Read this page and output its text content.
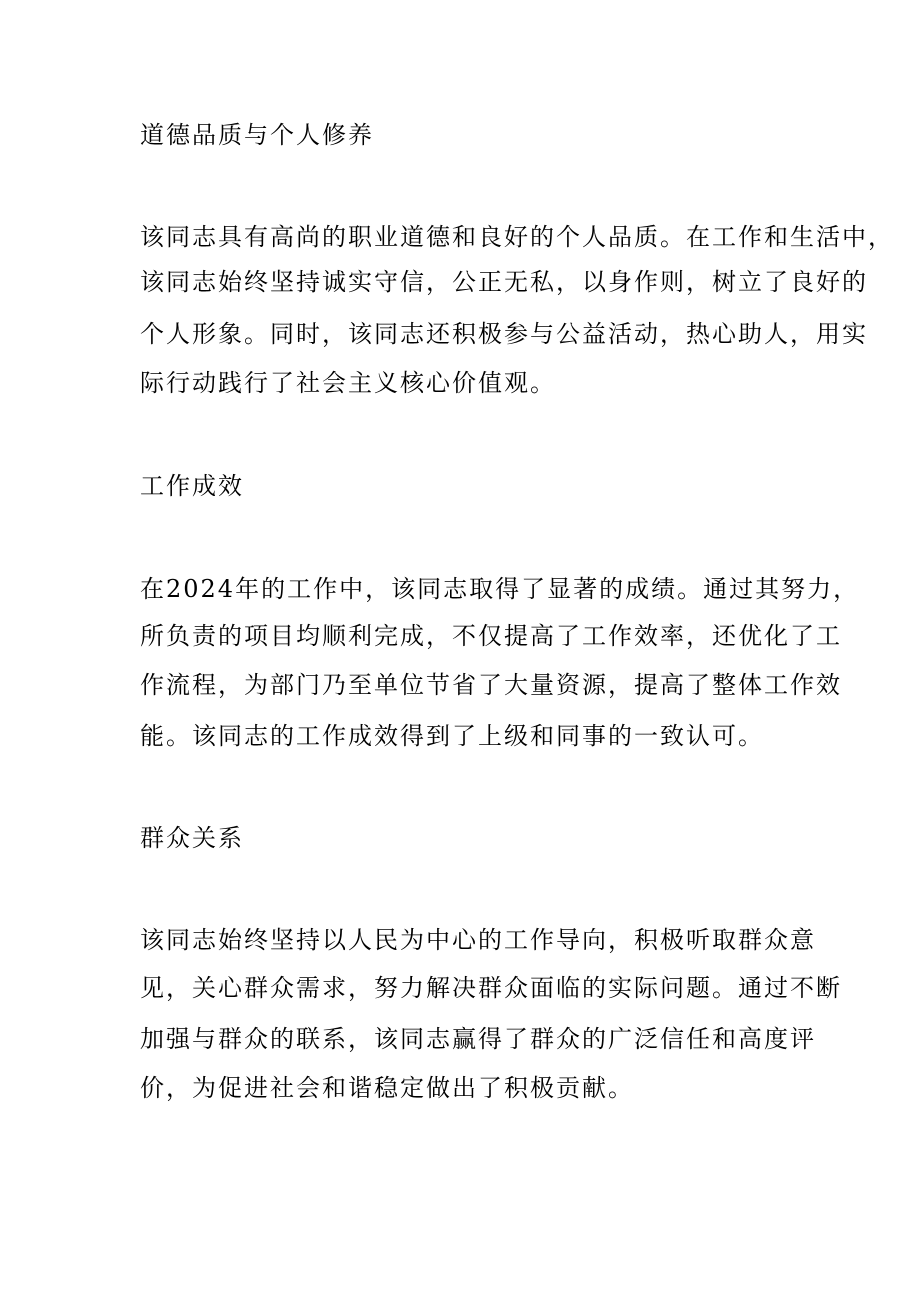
道德品质与个人修养
该同志具有高尚的职业道德和良好的个人品质。在工作和生活中，
该同志始终坚持诚实守信，公正无私，以身作则，树立了良好的
个人形象。同时，该同志还积极参与公益活动，热心助人，用实
际行动践行了社会主义核心价值观。
工作成效
在2024年的工作中，该同志取得了显著的成绩。通过其努力，
所负责的项目均顺利完成，不仅提高了工作效率，还优化了工
作流程，为部门乃至单位节省了大量资源，提高了整体工作效
能。该同志的工作成效得到了上级和同事的一致认可。
群众关系
该同志始终坚持以人民为中心的工作导向，积极听取群众意
见，关心群众需求，努力解决群众面临的实际问题。通过不断
加强与群众的联系，该同志赢得了群众的广泛信任和高度评
价，为促进社会和谐稳定做出了积极贡献。
